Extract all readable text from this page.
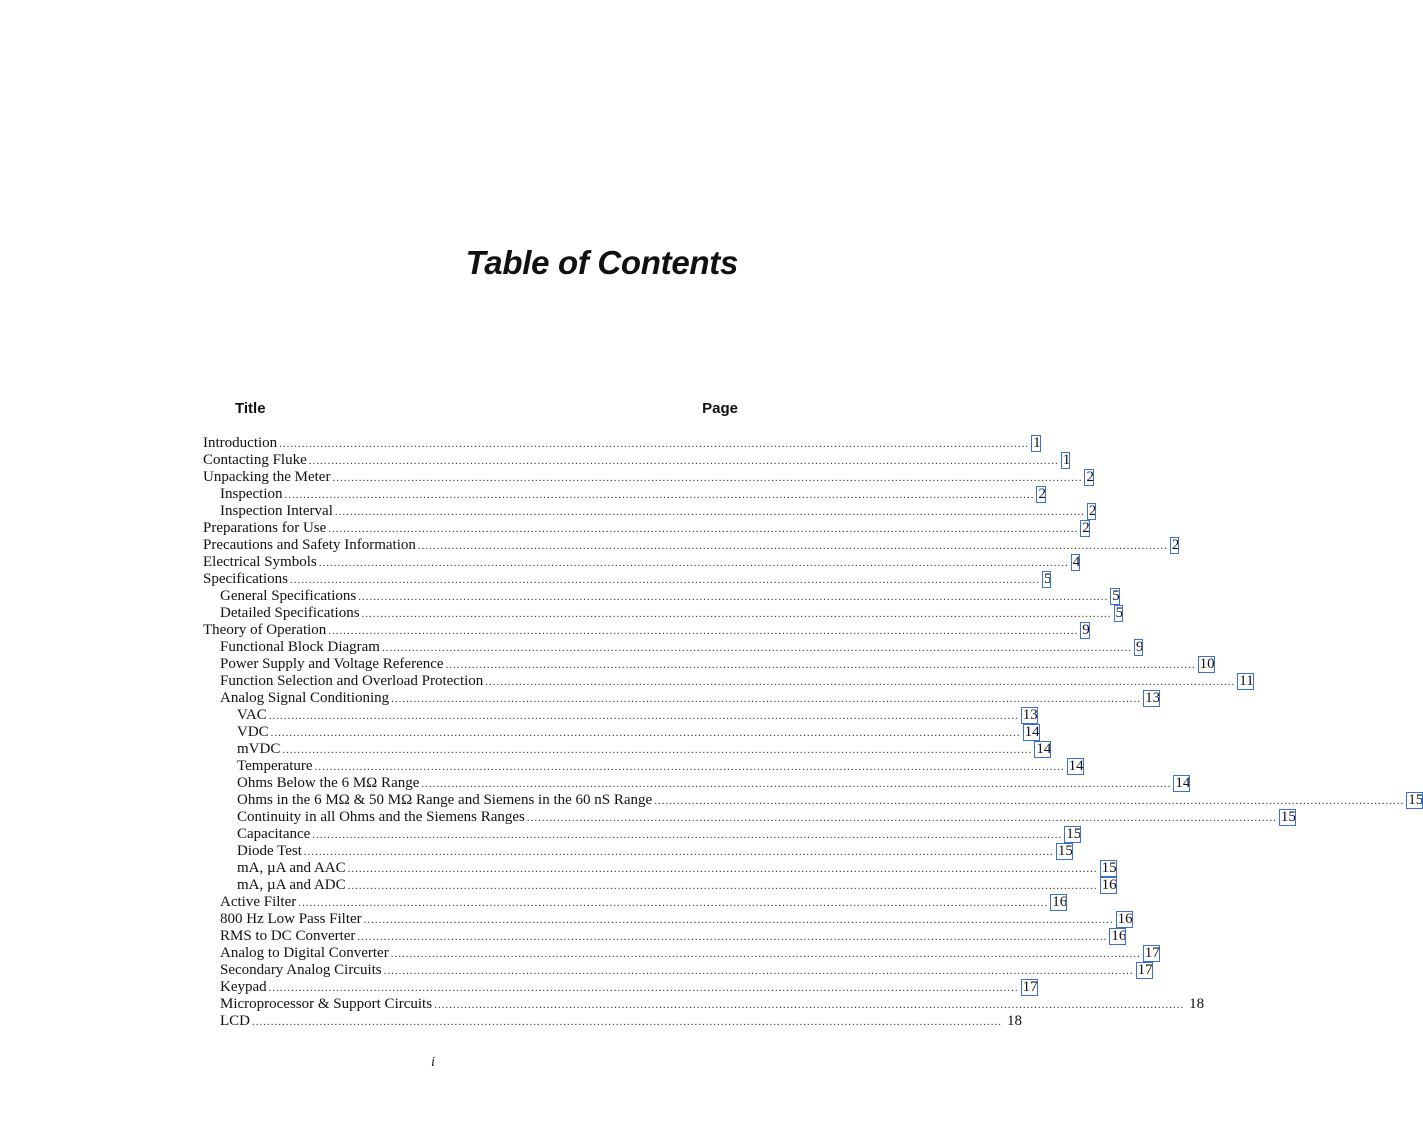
Table of Contents
Title	Page
Introduction ........................................................................................................................................................................................................ 1
Contacting Fluke ........................................................................................................................................................................................................ 1
Unpacking the Meter ........................................................................................................................................................................................................ 2
Inspection ........................................................................................................................................................................................................ 2
Inspection Interval ........................................................................................................................................................................................................ 2
Preparations for Use ........................................................................................................................................................................................................ 2
Precautions and Safety Information ........................................................................................................................................................................................................ 2
Electrical Symbols ........................................................................................................................................................................................................ 4
Specifications ........................................................................................................................................................................................................ 5
General Specifications ........................................................................................................................................................................................................ 5
Detailed Specifications ........................................................................................................................................................................................................ 5
Theory of Operation ........................................................................................................................................................................................................ 9
Functional Block Diagram ........................................................................................................................................................................................................ 9
Power Supply and Voltage Reference ........................................................................................................................................................................................................ 10
Function Selection and Overload Protection ........................................................................................................................................................................................................ 11
Analog Signal Conditioning ........................................................................................................................................................................................................ 13
VAC ........................................................................................................................................................................................................ 13
VDC ........................................................................................................................................................................................................ 14
mVDC ........................................................................................................................................................................................................ 14
Temperature ........................................................................................................................................................................................................ 14
Ohms Below the 6 MΩ Range ........................................................................................................................................................................................................ 14
Ohms in the 6 MΩ & 50 MΩ Range and Siemens in the 60 nS Range ........................................................................................................................................................................................................ 15
Continuity in all Ohms and the Siemens Ranges ........................................................................................................................................................................................................ 15
Capacitance ........................................................................................................................................................................................................ 15
Diode Test ........................................................................................................................................................................................................ 15
mA, µA and AAC ........................................................................................................................................................................................................ 15
mA, µA and ADC ........................................................................................................................................................................................................ 16
Active Filter ........................................................................................................................................................................................................ 16
800 Hz Low Pass Filter ........................................................................................................................................................................................................ 16
RMS to DC Converter ........................................................................................................................................................................................................ 16
Analog to Digital Converter ........................................................................................................................................................................................................ 17
Secondary Analog Circuits ........................................................................................................................................................................................................ 17
Keypad ........................................................................................................................................................................................................ 17
Microprocessor & Support Circuits ........................................................................................................................................................................................................ 18
LCD ........................................................................................................................................................................................................ 18
i
